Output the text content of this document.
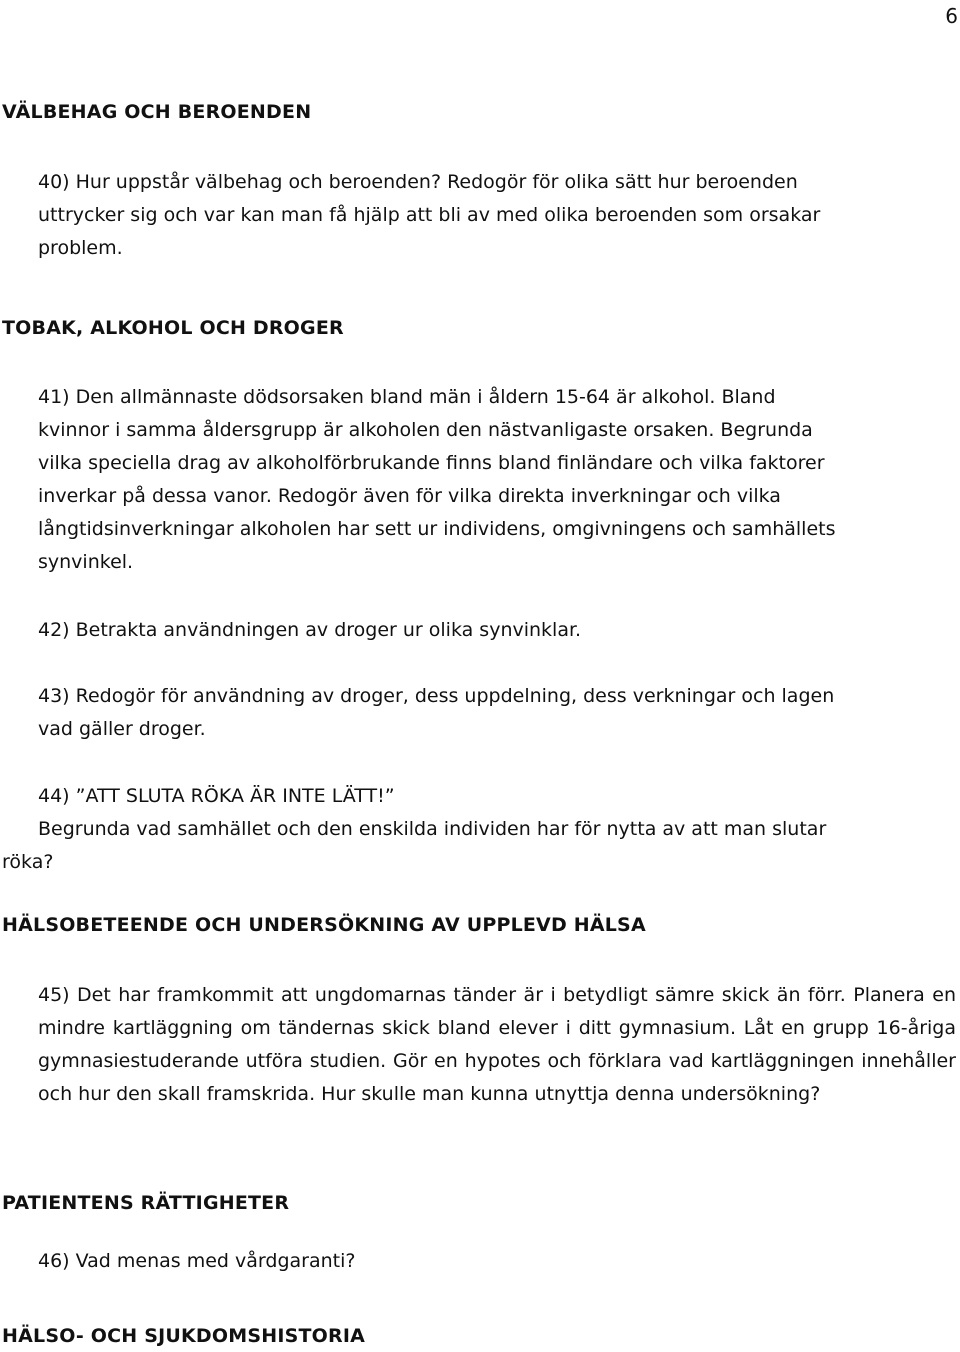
6
VÄLBEHAG OCH BEROENDEN
40) Hur uppstår välbehag och beroenden? Redogör för olika sätt hur beroenden
uttrycker sig och var kan man få hjälp att bli av med olika beroenden som orsakar
problem.
TOBAK, ALKOHOL OCH DROGER
41) Den allmännaste dödsorsaken bland män i åldern 15-64 är alkohol. Bland
kvinnor i samma åldersgrupp är alkoholen den nästvanligaste orsaken. Begrunda
vilka speciella drag av alkoholförbrukande finns bland finländare och vilka faktorer
inverkar på dessa vanor. Redogör även för vilka direkta inverkningar och vilka
långtidsinverkningar alkoholen har sett ur individens, omgivningens och samhällets
synvinkel.
42) Betrakta användningen av droger ur olika synvinklar.
43) Redogör för användning av droger, dess uppdelning, dess verkningar och lagen
vad gäller droger.
44) ”ATT SLUTA RÖKA ÄR INTE LÄTT!”
Begrunda vad samhället och den enskilda individen har för nytta av att man slutar
röka?
HÄLSOBETEENDE OCH UNDERSÖKNING AV UPPLEVD HÄLSA
45) Det har framkommit att ungdomarnas tänder är i betydligt sämre skick än förr. Planera en mindre kartläggning om tändernas skick bland elever i ditt gymnasium. Låt en grupp 16-åriga gymnasiestuderande utföra studien. Gör en hypotes och förklara vad kartläggningen innehåller och hur den skall framskrida. Hur skulle man kunna utnyttja denna undersökning?
PATIENTENS RÄTTIGHETER
46) Vad menas med vårdgaranti?
HÄLSO- OCH SJUKDOMSHISTORIA
